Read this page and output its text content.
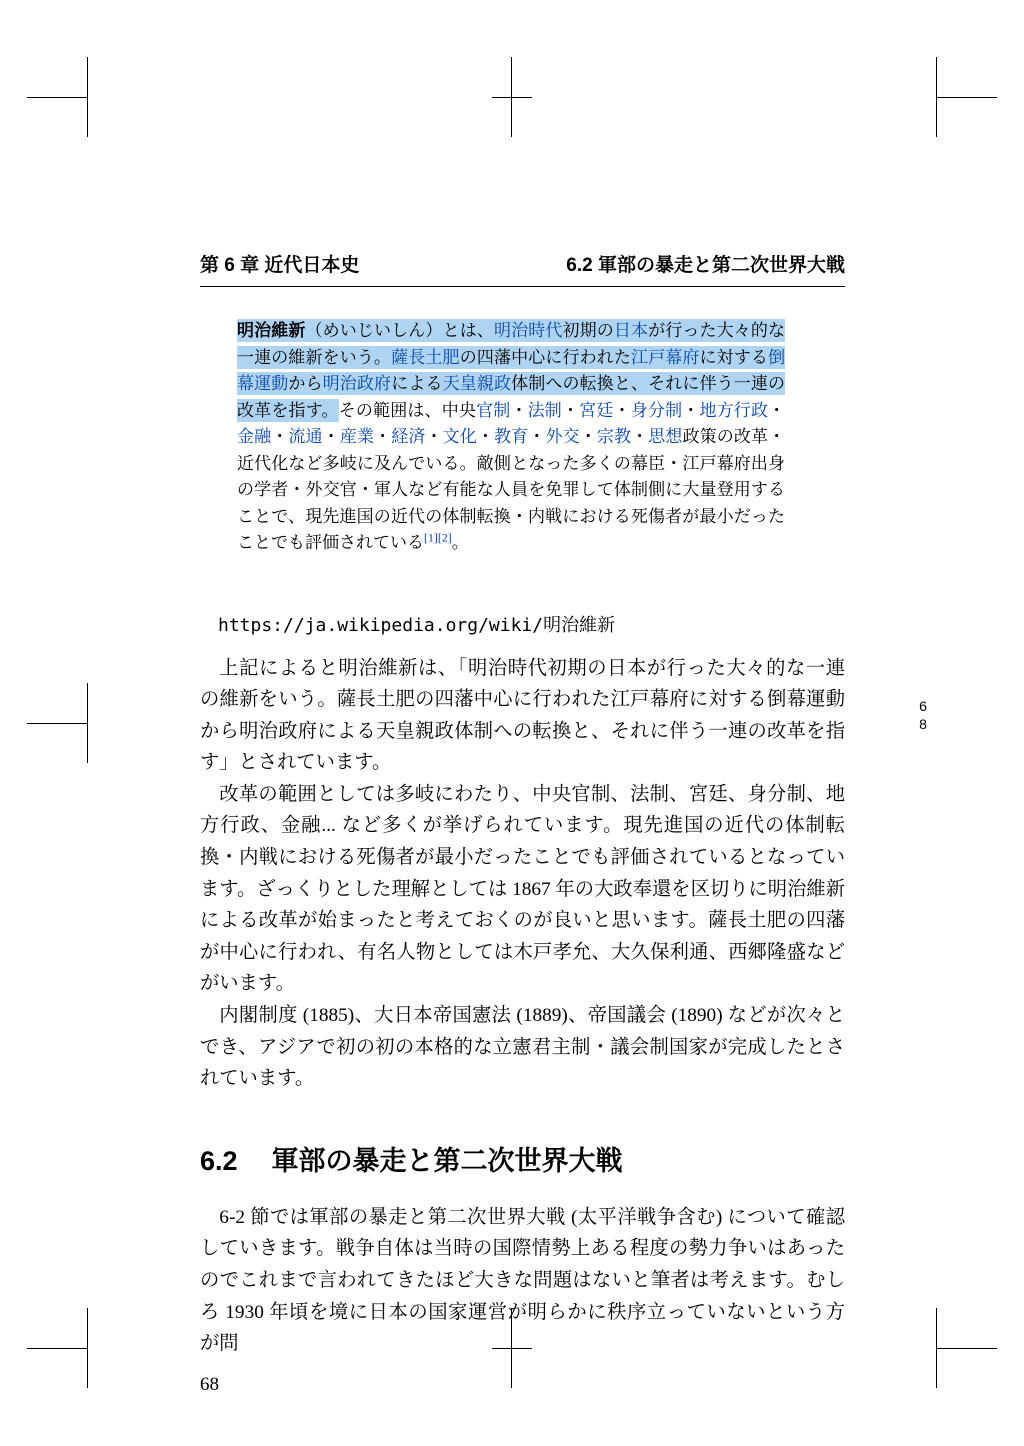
68
第 6 章 近代日本史	6.2 軍部の暴走と第二次世界大戦
明治維新（めいじいしん）とは、明治時代初期の日本が行った大々的な一連の維新をいう。薩長土肥の四藩中心に行われた江戸幕府に対する倒幕運動から明治政府による天皇親政体制への転換と、それに伴う一連の改革を指す。その範囲は、中央官制・法制・宮廷・身分制・地方行政・金融・流通・産業・経済・文化・教育・外交・宗教・思想政策の改革・近代化など多岐に及んでいる。敵側となった多くの幕臣・江戸幕府出身の学者・外交官・軍人など有能な人員を免罪して体制側に大量登用することで、現先進国の近代の体制転換・内戦における死傷者が最小だったことでも評価されている[1][2]。
https://ja.wikipedia.org/wiki/明治維新

上記によると明治維新は、「明治時代初期の日本が行った大々的な一連の維新をいう。薩長土肥の四藩中心に行われた江戸幕府に対する倒幕運動から明治政府による天皇親政体制への転換と、それに伴う一連の改革を指す」とされています。

改革の範囲としては多岐にわたり、中央官制、法制、宮廷、身分制、地方行政、金融... など多くが挙げられています。現先進国の近代の体制転換・内戦における死傷者が最小だったことでも評価されているとなっています。ざっくりとした理解としては 1867 年の大政奉還を区切りに明治維新による改革が始まったと考えておくのが良いと思います。薩長土肥の四藩が中心に行われ、有名人物としては木戸孝允、大久保利通、西郷隆盛などがいます。

内閣制度 (1885)、大日本帝国憲法 (1889)、帝国議会 (1890) などが次々とでき、アジアで初の初の本格的な立憲君主制・議会制国家が完成したとされています。

6.2 軍部の暴走と第二次世界大戦

6-2 節では軍部の暴走と第二次世界大戦 (太平洋戦争含む) について確認していきます。戦争自体は当時の国際情勢上ある程度の勢力争いはあったのでこれまで言われてきたほど大きな問題はないと筆者は考えます。むしろ 1930 年頃を境に日本の国家運営が明らかに秩序立っていないという方が問

68
